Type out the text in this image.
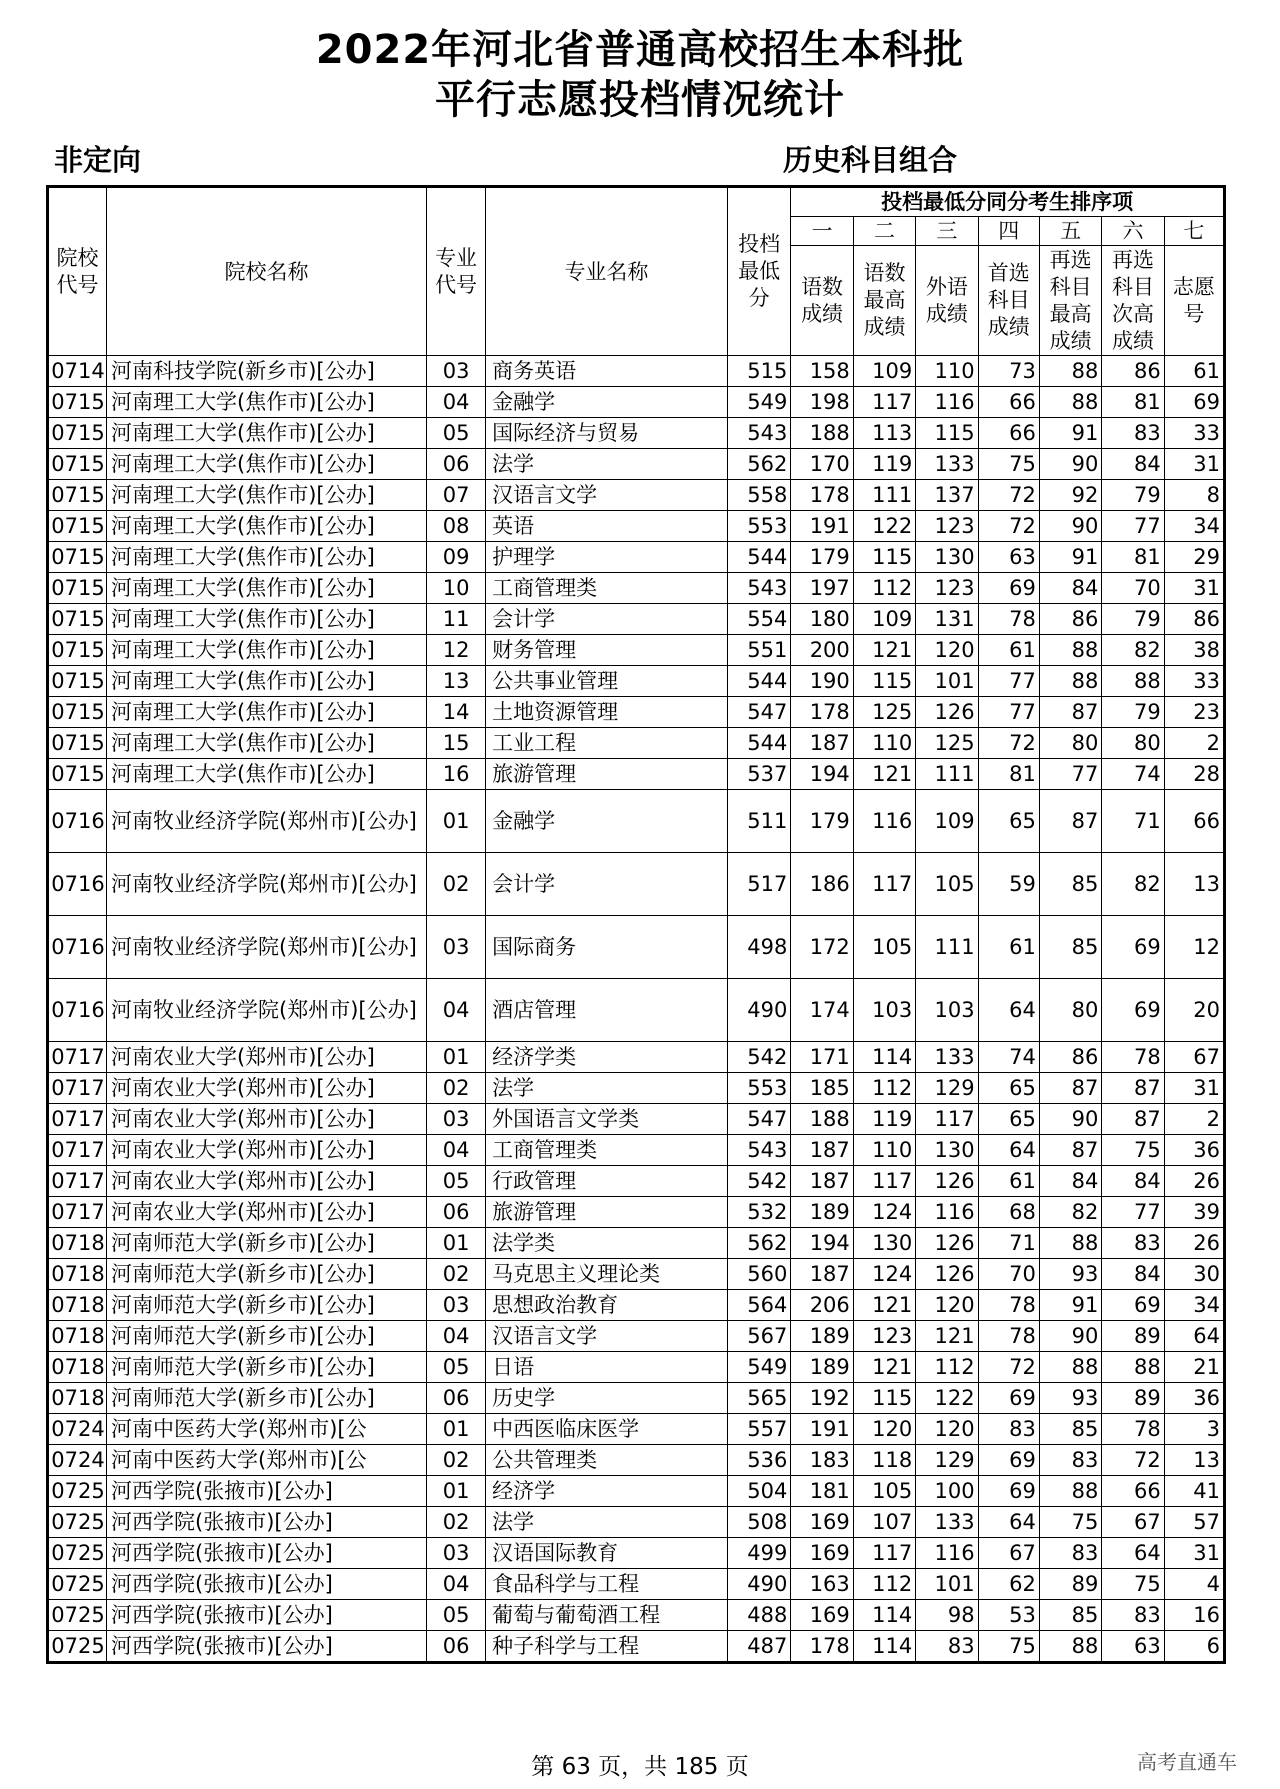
2022年河北省普通高校招生本科批
平行志愿投档情况统计
非定向	历史科目组合
院校代号	院校名称	专业代号	专业名称	投档最低分	投档最低分同分考生排序项						
					一	二	三	四	五	六	七
					语数成绩	语数最高成绩	外语成绩	首选科目成绩	再选科目最高成绩	再选科目次高成绩	志愿号
0714	河南科技学院(新乡市)[公办]	03	商务英语	515	158	109	110	73	88	86	61
0715	河南理工大学(焦作市)[公办]	04	金融学	549	198	117	116	66	88	81	69
0715	河南理工大学(焦作市)[公办]	05	国际经济与贸易	543	188	113	115	66	91	83	33
0715	河南理工大学(焦作市)[公办]	06	法学	562	170	119	133	75	90	84	31
0715	河南理工大学(焦作市)[公办]	07	汉语言文学	558	178	111	137	72	92	79	8
0715	河南理工大学(焦作市)[公办]	08	英语	553	191	122	123	72	90	77	34
0715	河南理工大学(焦作市)[公办]	09	护理学	544	179	115	130	63	91	81	29
0715	河南理工大学(焦作市)[公办]	10	工商管理类	543	197	112	123	69	84	70	31
0715	河南理工大学(焦作市)[公办]	11	会计学	554	180	109	131	78	86	79	86
0715	河南理工大学(焦作市)[公办]	12	财务管理	551	200	121	120	61	88	82	38
0715	河南理工大学(焦作市)[公办]	13	公共事业管理	544	190	115	101	77	88	88	33
0715	河南理工大学(焦作市)[公办]	14	土地资源管理	547	178	125	126	77	87	79	23
0715	河南理工大学(焦作市)[公办]	15	工业工程	544	187	110	125	72	80	80	2
0715	河南理工大学(焦作市)[公办]	16	旅游管理	537	194	121	111	81	77	74	28
0716	河南牧业经济学院(郑州市)[公办]	01	金融学	511	179	116	109	65	87	71	66
0716	河南牧业经济学院(郑州市)[公办]	02	会计学	517	186	117	105	59	85	82	13
0716	河南牧业经济学院(郑州市)[公办]	03	国际商务	498	172	105	111	61	85	69	12
0716	河南牧业经济学院(郑州市)[公办]	04	酒店管理	490	174	103	103	64	80	69	20
0717	河南农业大学(郑州市)[公办]	01	经济学类	542	171	114	133	74	86	78	67
0717	河南农业大学(郑州市)[公办]	02	法学	553	185	112	129	65	87	87	31
0717	河南农业大学(郑州市)[公办]	03	外国语言文学类	547	188	119	117	65	90	87	2
0717	河南农业大学(郑州市)[公办]	04	工商管理类	543	187	110	130	64	87	75	36
0717	河南农业大学(郑州市)[公办]	05	行政管理	542	187	117	126	61	84	84	26
0717	河南农业大学(郑州市)[公办]	06	旅游管理	532	189	124	116	68	82	77	39
0718	河南师范大学(新乡市)[公办]	01	法学类	562	194	130	126	71	88	83	26
0718	河南师范大学(新乡市)[公办]	02	马克思主义理论类	560	187	124	126	70	93	84	30
0718	河南师范大学(新乡市)[公办]	03	思想政治教育	564	206	121	120	78	91	69	34
0718	河南师范大学(新乡市)[公办]	04	汉语言文学	567	189	123	121	78	90	89	64
0718	河南师范大学(新乡市)[公办]	05	日语	549	189	121	112	72	88	88	21
0718	河南师范大学(新乡市)[公办]	06	历史学	565	192	115	122	69	93	89	36
0724	河南中医药大学(郑州市)[公	01	中西医临床医学	557	191	120	120	83	85	78	3
0724	河南中医药大学(郑州市)[公	02	公共管理类	536	183	118	129	69	83	72	13
0725	河西学院(张掖市)[公办]	01	经济学	504	181	105	100	69	88	66	41
0725	河西学院(张掖市)[公办]	02	法学	508	169	107	133	64	75	67	57
0725	河西学院(张掖市)[公办]	03	汉语国际教育	499	169	117	116	67	83	64	31
0725	河西学院(张掖市)[公办]	04	食品科学与工程	490	163	112	101	62	89	75	4
0725	河西学院(张掖市)[公办]	05	葡萄与葡萄酒工程	488	169	114	98	53	85	83	16
0725	河西学院(张掖市)[公办]	06	种子科学与工程	487	178	114	83	75	88	63	6
第 63 页，共 185 页	高考直通车
